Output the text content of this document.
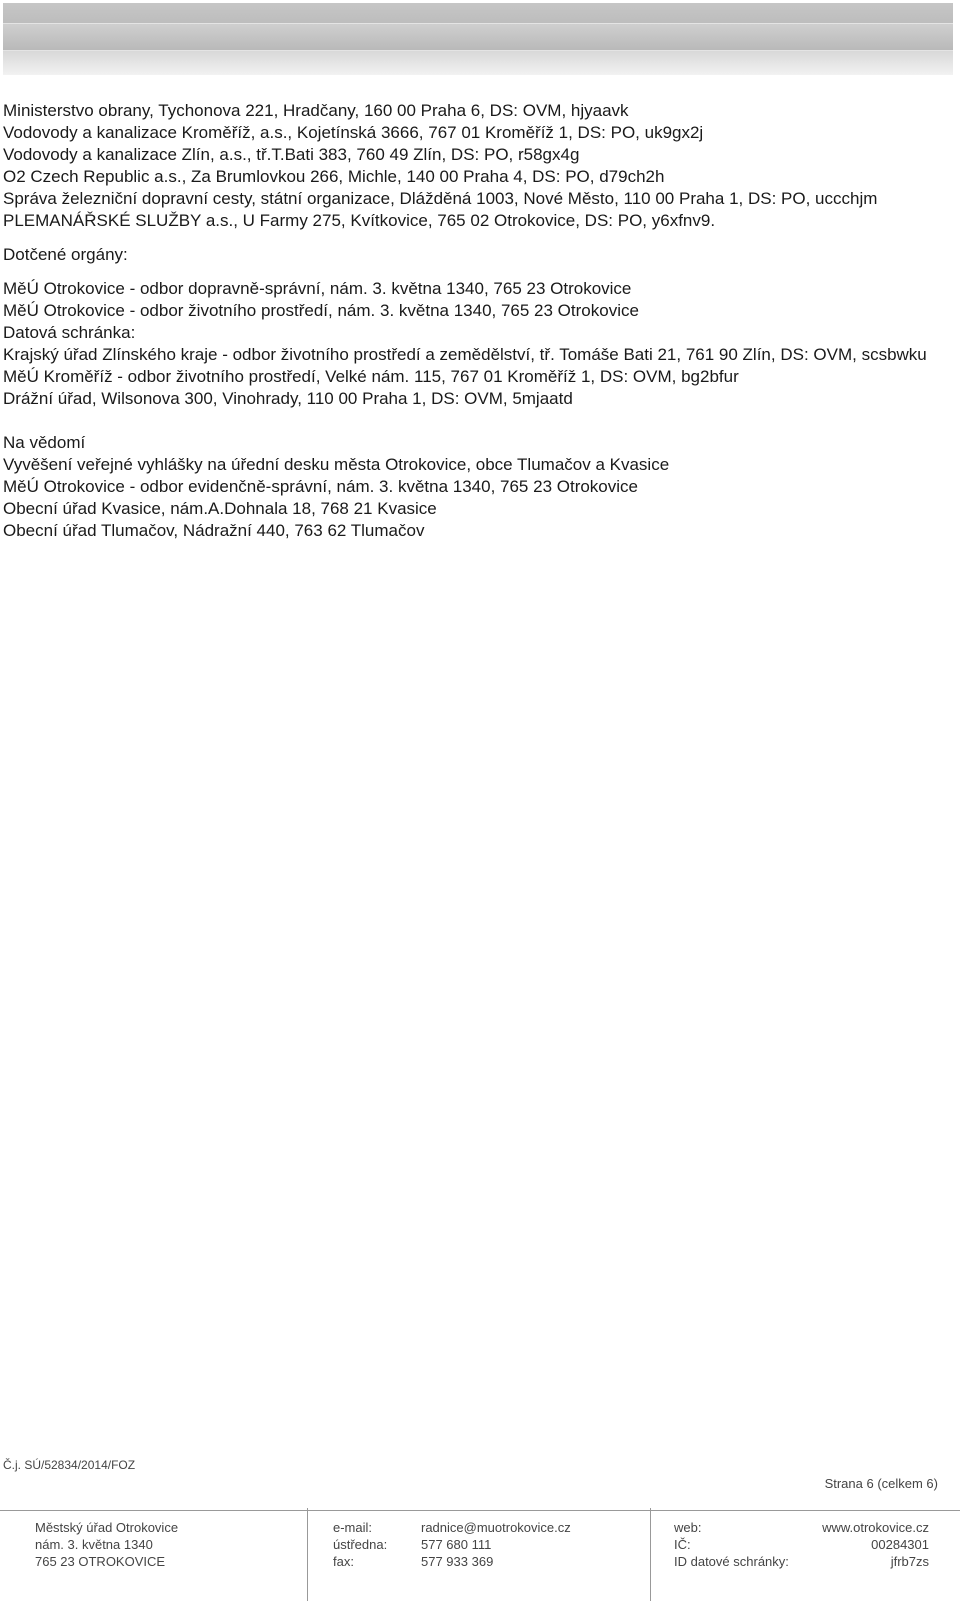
Ministerstvo obrany, Tychonova 221, Hradčany, 160 00 Praha 6, DS: OVM, hjyaavk

Vodovody a kanalizace Kroměříž, a.s., Kojetínská 3666, 767 01 Kroměříž 1, DS: PO, uk9gx2j

Vodovody a kanalizace Zlín, a.s., tř.T.Bati 383, 760 49 Zlín, DS: PO, r58gx4g

O2 Czech Republic a.s., Za Brumlovkou 266, Michle, 140 00 Praha 4, DS: PO, d79ch2h

Správa železniční dopravní cesty, státní organizace, Dlážděná 1003, Nové Město, 110 00 Praha 1, DS: PO, uccchjm

PLEMANÁŘSKÉ SLUŽBY a.s., U Farmy 275, Kvítkovice, 765 02 Otrokovice, DS: PO, y6xfnv9.

Dotčené orgány:

MěÚ Otrokovice - odbor dopravně-správní, nám. 3. května 1340, 765 23 Otrokovice

MěÚ Otrokovice - odbor životního prostředí, nám. 3. května 1340, 765 23 Otrokovice

Datová schránka:

Krajský úřad Zlínského kraje - odbor životního prostředí a zemědělství, tř. Tomáše Bati 21, 761 90 Zlín, DS: OVM, scsbwku

MěÚ Kroměříž - odbor životního prostředí, Velké nám. 115, 767 01 Kroměříž 1, DS: OVM, bg2bfur

Drážní úřad, Wilsonova 300, Vinohrady, 110 00 Praha 1, DS: OVM, 5mjaatd

Na vědomí

Vyvěšení veřejné vyhlášky na úřední desku města Otrokovice, obce Tlumačov a Kvasice

MěÚ Otrokovice - odbor evidenčně-správní, nám. 3. května 1340, 765 23 Otrokovice

Obecní úřad Kvasice, nám.A.Dohnala 18, 768 21 Kvasice

Obecní úřad Tlumačov, Nádražní 440, 763 62 Tlumačov

Č.j. SÚ/52834/2014/FOZ
Strana 6 (celkem 6)
Městský úřad Otrokovice
nám. 3. května 1340
765 23 OTROKOVICE
e-mail:	radnice@muotrokovice.cz
ústředna:	577 680 111
fax:	577 933 369
web:	www.otrokovice.cz
IČ:	00284301
ID datové schránky:	jfrb7zs
